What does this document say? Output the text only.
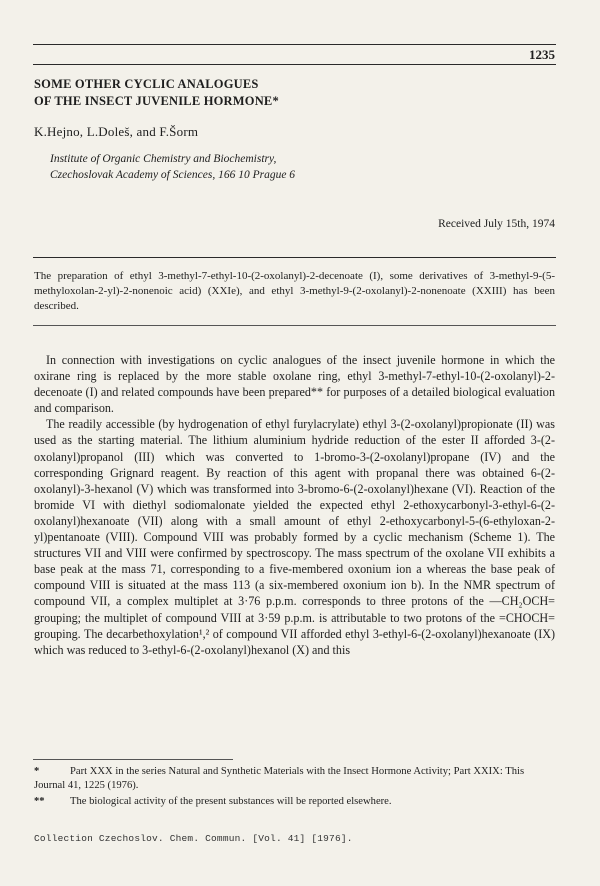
1235
SOME OTHER CYCLIC ANALOGUES
OF THE INSECT JUVENILE HORMONE*
K.Hejno, L.Doleš, and F.Šorm
Institute of Organic Chemistry and Biochemistry,
Czechoslovak Academy of Sciences, 166 10 Prague 6
Received July 15th, 1974
The preparation of ethyl 3-methyl-7-ethyl-10-(2-oxolanyl)-2-decenoate (I), some derivatives of 3-methyl-9-(5-methyloxolan-2-yl)-2-nonenoic acid) (XXIe), and ethyl 3-methyl-9-(2-oxolanyl)-2-nonenoate (XXIII) has been described.

In connection with investigations on cyclic analogues of the insect juvenile hormone in which the oxirane ring is replaced by the more stable oxolane ring, ethyl 3-methyl-7-ethyl-10-(2-oxolanyl)-2-decenoate (I) and related compounds have been prepared** for purposes of a detailed biological evaluation and comparison.

The readily accessible (by hydrogenation of ethyl furylacrylate) ethyl 3-(2-oxolanyl)propionate (II) was used as the starting material. The lithium aluminium hydride reduction of the ester II afforded 3-(2-oxolanyl)propanol (III) which was converted to 1-bromo-3-(2-oxolanyl)propane (IV) and the corresponding Grignard reagent. By reaction of this agent with propanal there was obtained 6-(2-oxolanyl)-3-hexanol (V) which was transformed into 3-bromo-6-(2-oxolanyl)hexane (VI). Reaction of the bromide VI with diethyl sodiomalonate yielded the expected ethyl 2-ethoxycarbonyl-3-ethyl-6-(2-oxolanyl)hexanoate (VII) along with a small amount of ethyl 2-ethoxycarbonyl-5-(6-ethyloxan-2-yl)pentanoate (VIII). Compound VIII was probably formed by a cyclic mechanism (Scheme 1). The structures VII and VIII were confirmed by spectroscopy. The mass spectrum of the oxolane VII exhibits a base peak at the mass 71, corresponding to a five-membered oxonium ion a whereas the base peak of compound VIII is situated at the mass 113 (a six-membered oxonium ion b). In the NMR spectrum of compound VII, a complex multiplet at 3·76 p.p.m. corresponds to three protons of the —CH₂OCH= grouping; the multiplet of compound VIII at 3·59 p.p.m. is attributable to two protons of the =CHOCH= grouping. The decarbethoxylation¹,² of compound VII afforded ethyl 3-ethyl-6-(2-oxolanyl)hexanoate (IX) which was reduced to 3-ethyl-6-(2-oxolanyl)hexanol (X) and this

*	Part XXX in the series Natural and Synthetic Materials with the Insect Hormone Activity; Part XXIX: This Journal 41, 1225 (1976).
** The biological activity of the present substances will be reported elsewhere.
Collection Czechoslov. Chem. Commun. [Vol. 41] [1976].
